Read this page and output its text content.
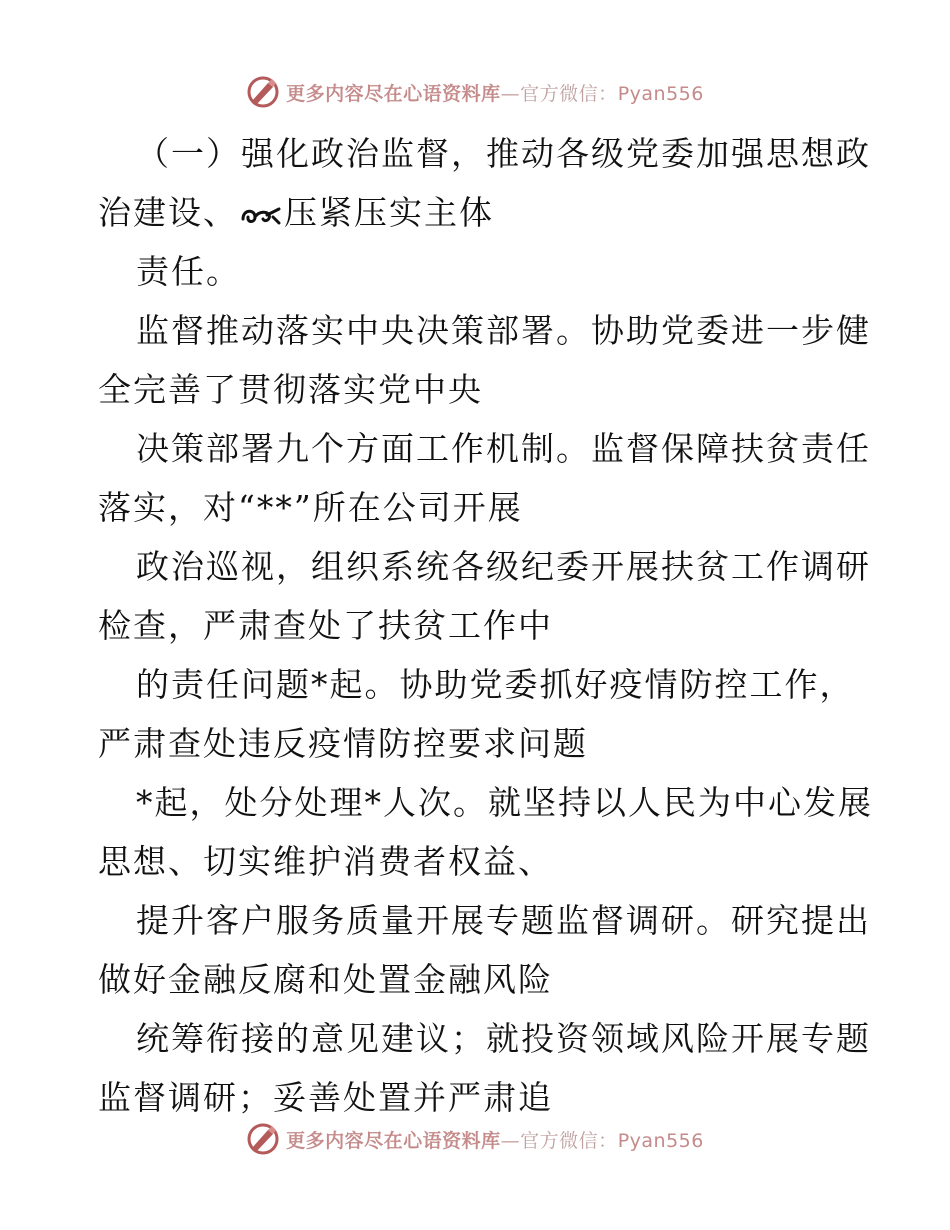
更多内容尽在心语资料库—官方微信：Pyan556
（一）强化政治监督，推动各级党委加强思想政
治建设、 压紧压实主体
责任。
监督推动落实中央决策部署。协助党委进一步健
全完善了贯彻落实党中央
决策部署九个方面工作机制。监督保障扶贫责任
落实，对“**”所在公司开展
政治巡视，组织系统各级纪委开展扶贫工作调研
检查，严肃查处了扶贫工作中
的责任问题*起。协助党委抓好疫情防控工作，
严肃查处违反疫情防控要求问题
*起，处分处理*人次。就坚持以人民为中心发展
思想、切实维护消费者权益、
提升客户服务质量开展专题监督调研。研究提出
做好金融反腐和处置金融风险
统筹衔接的意见建议；就投资领域风险开展专题
监督调研；妥善处置并严肃追
更多内容尽在心语资料库—官方微信：Pyan556
